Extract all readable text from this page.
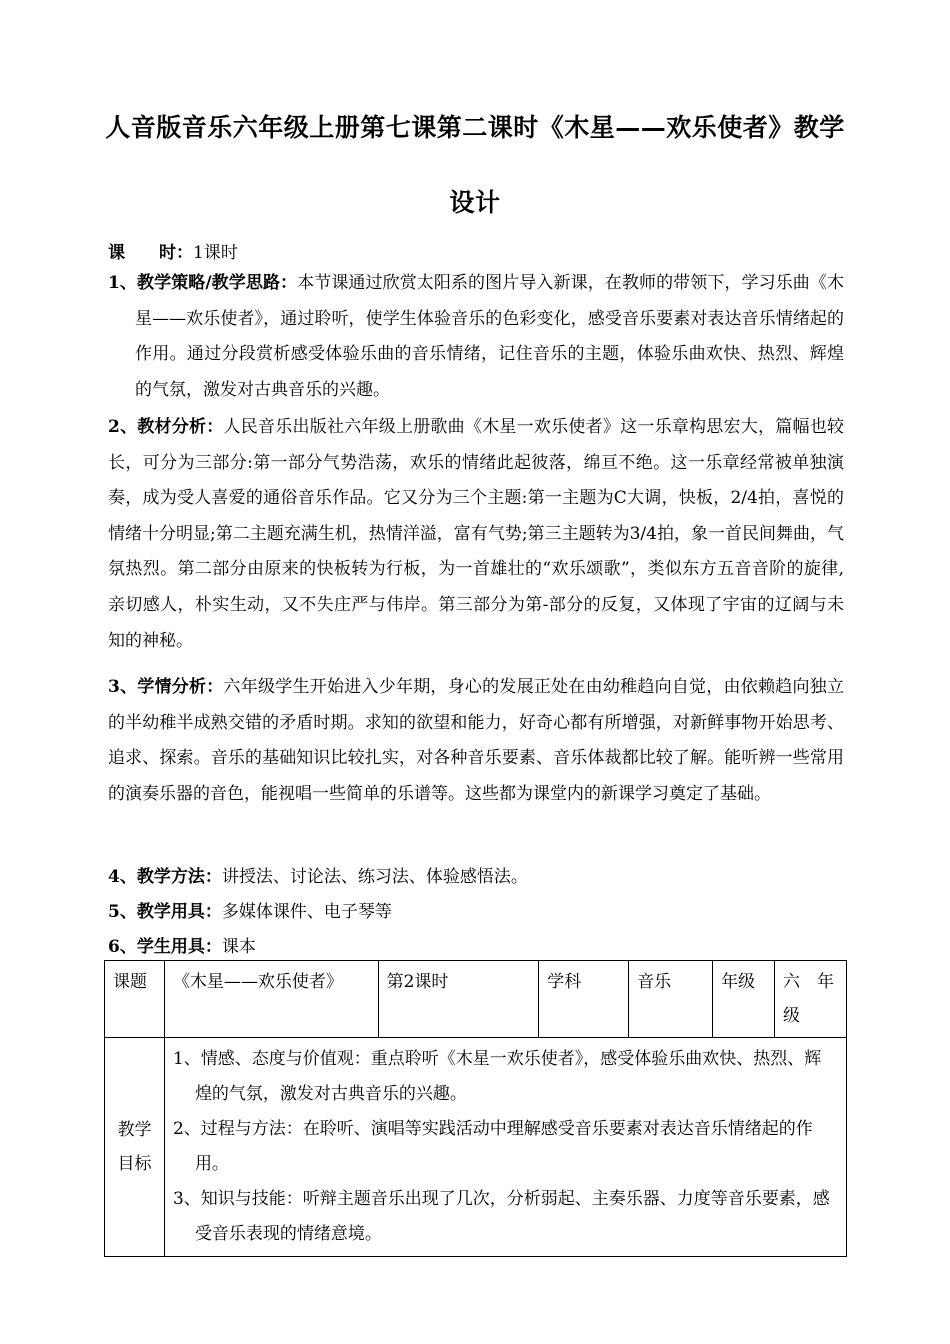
人音版音乐六年级上册第七课第二课时《木星——欢乐使者》教学
设计
课　　时：1课时
1、教学策略/教学思路：本节课通过欣赏太阳系的图片导入新课，在教师的带领下，学习乐曲《木星——欢乐使者》，通过聆听，使学生体验音乐的色彩变化，感受音乐要素对表达音乐情绪起的作用。通过分段赏析感受体验乐曲的音乐情绪，记住音乐的主题，体验乐曲欢快、热烈、辉煌的气氛，激发对古典音乐的兴趣。
2、教材分析：人民音乐出版社六年级上册歌曲《木星一欢乐使者》这一乐章构思宏大，篇幅也较长，可分为三部分:第一部分气势浩荡，欢乐的情绪此起彼落，绵亘不绝。这一乐章经常被单独演奏，成为受人喜爱的通俗音乐作品。它又分为三个主题:第一主题为C大调，快板，2/4拍，喜悦的情绪十分明显;第二主题充满生机，热情洋溢，富有气势;第三主题转为3/4拍，象一首民间舞曲，气氛热烈。第二部分由原来的快板转为行板，为一首雄壮的“欢乐颂歌”，类似东方五音音阶的旋律,亲切感人，朴实生动，又不失庄严与伟岸。第三部分为第-部分的反复，又体现了宇宙的辽阔与未知的神秘。
3、学情分析：六年级学生开始进入少年期，身心的发展正处在由幼稚趋向自觉，由依赖趋向独立的半幼稚半成熟交错的矛盾时期。求知的欲望和能力，好奇心都有所增强，对新鲜事物开始思考、追求、探索。音乐的基础知识比较扎实，对各种音乐要素、音乐体裁都比较了解。能听辨一些常用的演奏乐器的音色，能视唱一些简单的乐谱等。这些都为课堂内的新课学习奠定了基础。
4、教学方法：讲授法、讨论法、练习法、体验感悟法。
5、教学用具：多媒体课件、电子琴等
6、学生用具：课本
课题	《木星——欢乐使者》	第2课时	学科	音乐	年级	六　年级
教学目标	1、情感、态度与价值观：重点聆听《木星一欢乐使者》，感受体验乐曲欢快、热烈、辉煌的气氛，激发对古典音乐的兴趣。

2、过程与方法：在聆听、演唱等实践活动中理解感受音乐要素对表达音乐情绪起的作用。

3、知识与技能：听辩主题音乐出现了几次，分析弱起、主奏乐器、力度等音乐要素，感受音乐表现的情绪意境。					
